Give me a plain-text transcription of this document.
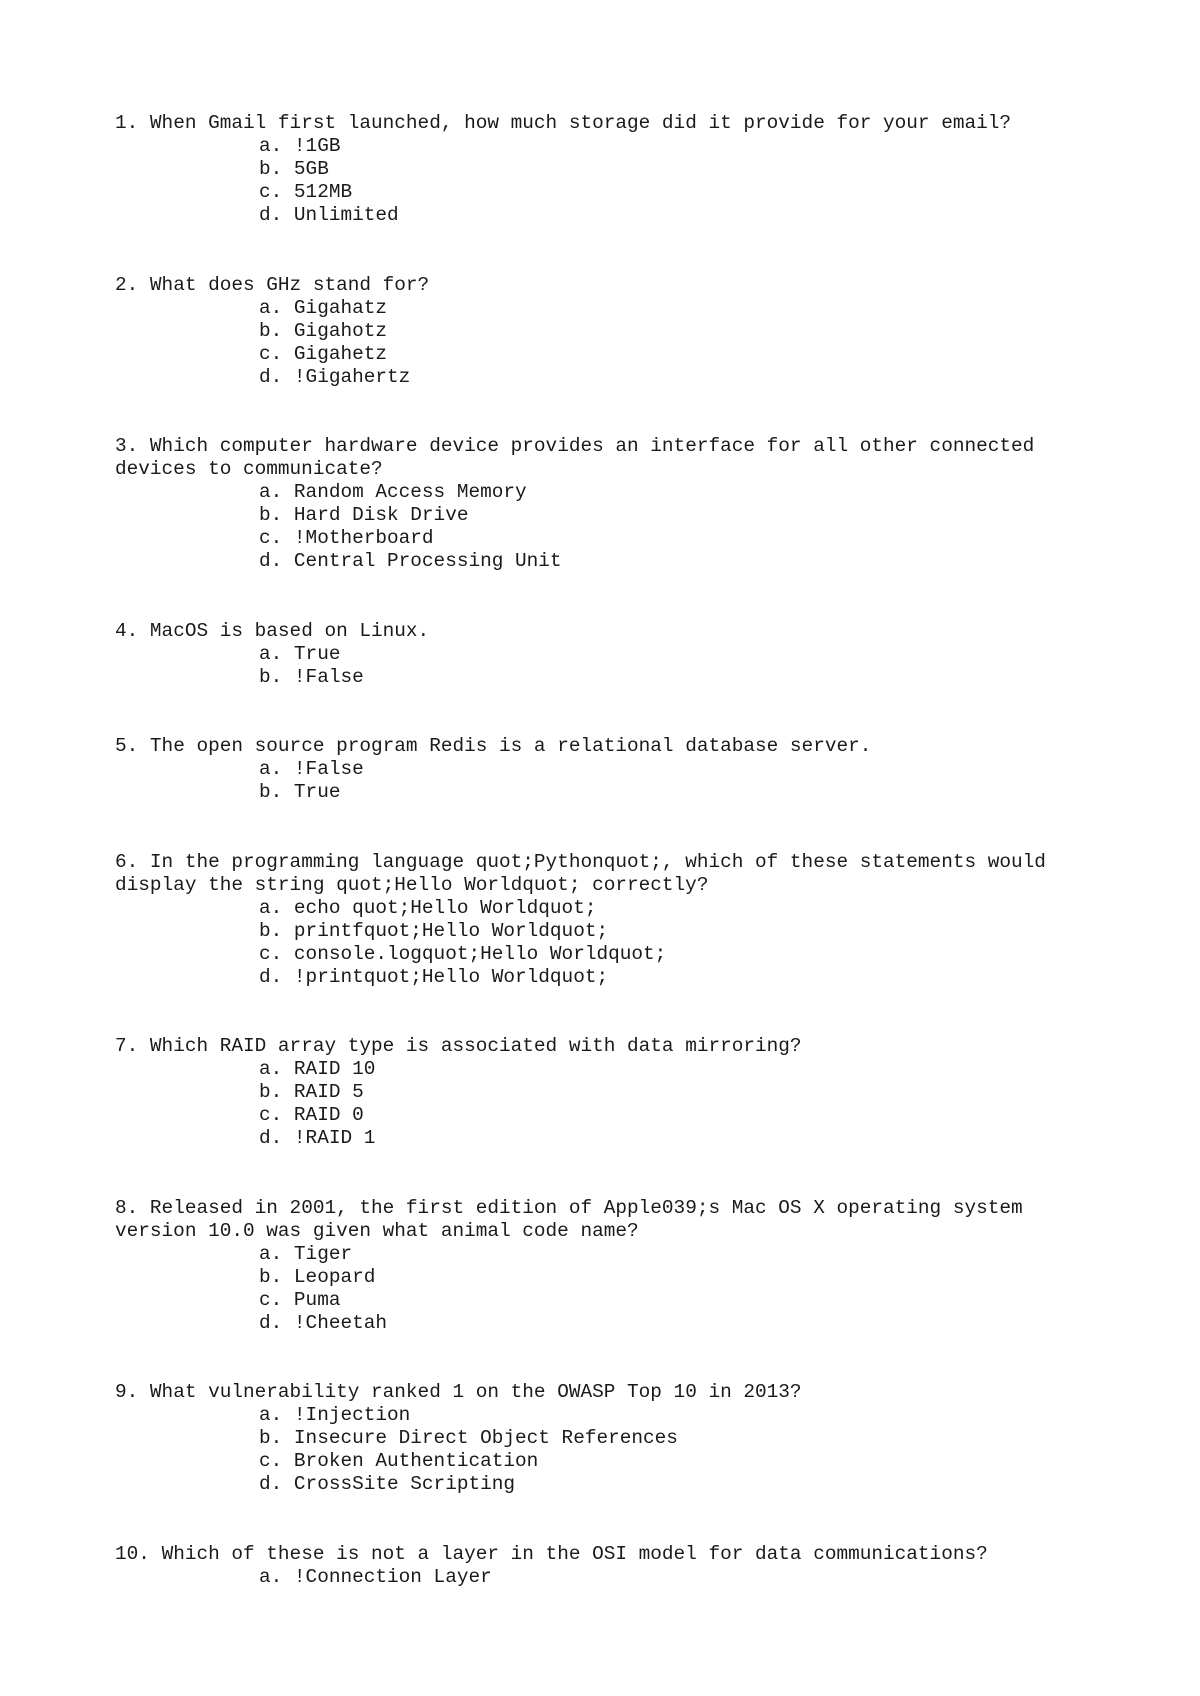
1. When Gmail first launched, how much storage did it provide for your email?
a. !1GB
b. 5GB
c. 512MB
d. Unlimited
2. What does GHz stand for?
a. Gigahatz
b. Gigahotz
c. Gigahetz
d. !Gigahertz
3. Which computer hardware device provides an interface for all other connected devices to communicate?
a. Random Access Memory
b. Hard Disk Drive
c. !Motherboard
d. Central Processing Unit
4. MacOS is based on Linux.
a. True
b. !False
5. The open source program Redis is a relational database server.
a. !False
b. True
6. In the programming language quot;Pythonquot;, which of these statements would display the string quot;Hello Worldquot; correctly?
a. echo quot;Hello Worldquot;
b. printfquot;Hello Worldquot;
c. console.logquot;Hello Worldquot;
d. !printquot;Hello Worldquot;
7. Which RAID array type is associated with data mirroring?
a. RAID 10
b. RAID 5
c. RAID 0
d. !RAID 1
8. Released in 2001, the first edition of Apple039;s Mac OS X operating system version 10.0 was given what animal code name?
a. Tiger
b. Leopard
c. Puma
d. !Cheetah
9. What vulnerability ranked 1 on the OWASP Top 10 in 2013?
a. !Injection
b. Insecure Direct Object References
c. Broken Authentication
d. CrossSite Scripting
10. Which of these is not a layer in the OSI model for data communications?
a. !Connection Layer
